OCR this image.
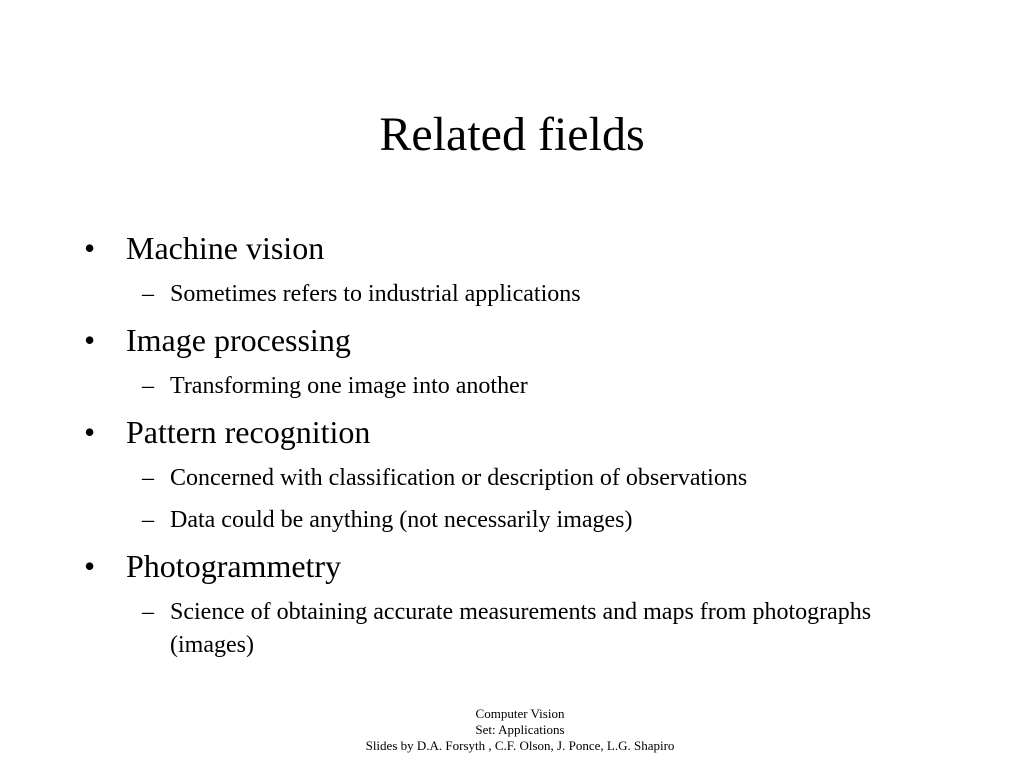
Related fields
• Machine vision
– Sometimes refers to industrial applications
• Image processing
– Transforming one image into another
• Pattern recognition
– Concerned with classification or description of observations
– Data could be anything (not necessarily images)
• Photogrammetry
– Science of obtaining accurate measurements and maps from photographs (images)
Computer Vision
Set: Applications
Slides by D.A. Forsyth , C.F. Olson, J. Ponce, L.G. Shapiro
